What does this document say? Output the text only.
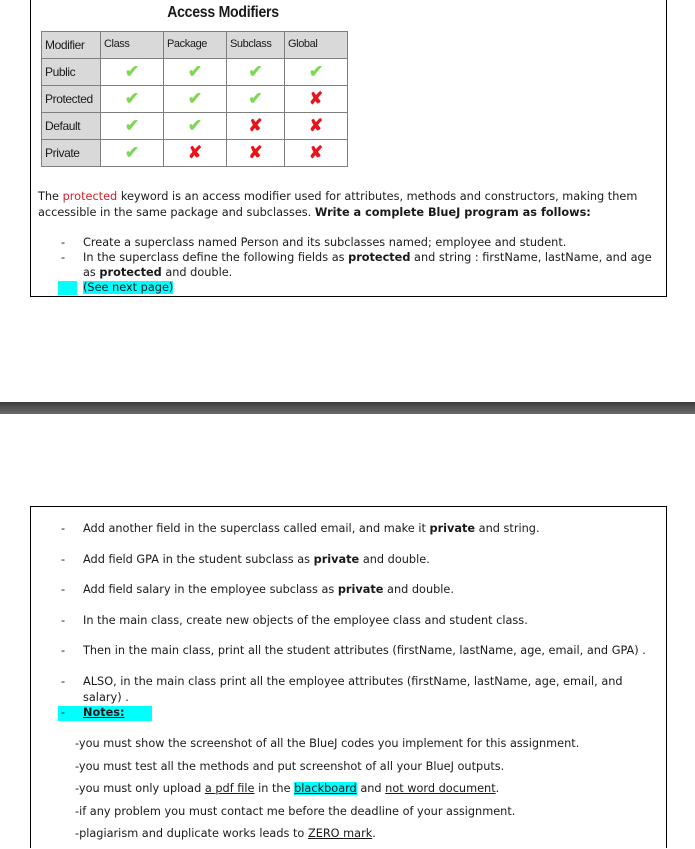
Access Modifiers
Modifier	Class	Package	Subclass	Global
Public	✔	✔	✔	✔
Protected	✔	✔	✔	✘
Default	✔	✔	✘	✘
Private	✔	✘	✘	✘
The protected keyword is an access modifier used for attributes, methods and constructors, making them accessible in the same package and subclasses. Write a complete BlueJ program as follows:
- Create a superclass named Person and its subclasses named; employee and student.
- In the superclass define the following fields as protected and string : firstName, lastName, and age as protected and double.
- (See next page)
- Add another field in the superclass called email, and make it private and string.
- Add field GPA in the student subclass as private and double.
- Add field salary in the employee subclass as private and double.
- In the main class, create new objects of the employee class and student class.
- Then in the main class, print all the student attributes (firstName, lastName, age, email, and GPA) .
- ALSO, in the main class print all the employee attributes (firstName, lastName, age, email, and salary) .
- Notes:
-you must show the screenshot of all the BlueJ codes you implement for this assignment.
-you must test all the methods and put screenshot of all your BlueJ outputs.
-you must only upload a pdf file in the blackboard and not word document.
-if any problem you must contact me before the deadline of your assignment.
-plagiarism and duplicate works leads to ZERO mark.
